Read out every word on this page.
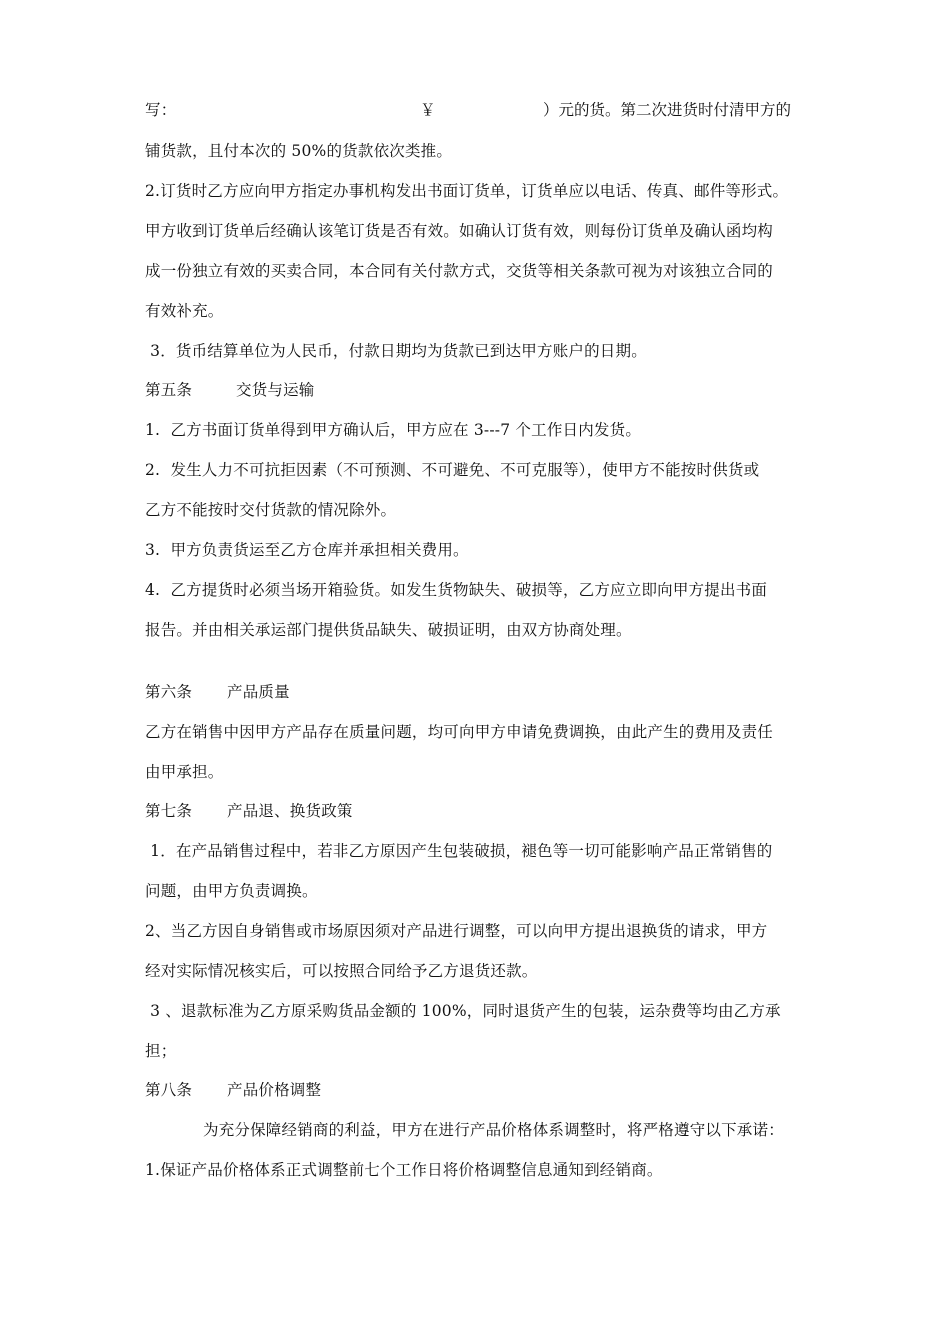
写：	￥	）元的货。第二次进货时付清甲方的
铺货款，且付本次的 50%的货款依次类推。
2.订货时乙方应向甲方指定办事机构发出书面订货单，订货单应以电话、传真、邮件等形式。
甲方收到订货单后经确认该笔订货是否有效。如确认订货有效，则每份订货单及确认函均构
成一份独立有效的买卖合同，本合同有关付款方式，交货等相关条款可视为对该独立合同的
有效补充。
3．货币结算单位为人民币，付款日期均为货款已到达甲方账户的日期。
第五条	交货与运输
1.  乙方书面订货单得到甲方确认后，甲方应在 3---7 个工作日内发货。
2.  发生人力不可抗拒因素（不可预测、不可避免、不可克服等），使甲方不能按时供货或
乙方不能按时交付货款的情况除外。
3.  甲方负责货运至乙方仓库并承担相关费用。
4.  乙方提货时必须当场开箱验货。如发生货物缺失、破损等，乙方应立即向甲方提出书面
报告。并由相关承运部门提供货品缺失、破损证明，由双方协商处理。
第六条 产品质量
乙方在销售中因甲方产品存在质量问题，均可向甲方申请免费调换，由此产生的费用及责任
由甲承担。
第七条 产品退、换货政策
1．在产品销售过程中，若非乙方原因产生包装破损，褪色等一切可能影响产品正常销售的
问题，由甲方负责调换。
2、当乙方因自身销售或市场原因须对产品进行调整，可以向甲方提出退换货的请求，甲方
经对实际情况核实后，可以按照合同给予乙方退货还款。
3 、退款标准为乙方原采购货品金额的 100%，同时退货产生的包装，运杂费等均由乙方承
担；
第八条 产品价格调整
为充分保障经销商的利益，甲方在进行产品价格体系调整时，将严格遵守以下承诺：
1.保证产品价格体系正式调整前七个工作日将价格调整信息通知到经销商。
